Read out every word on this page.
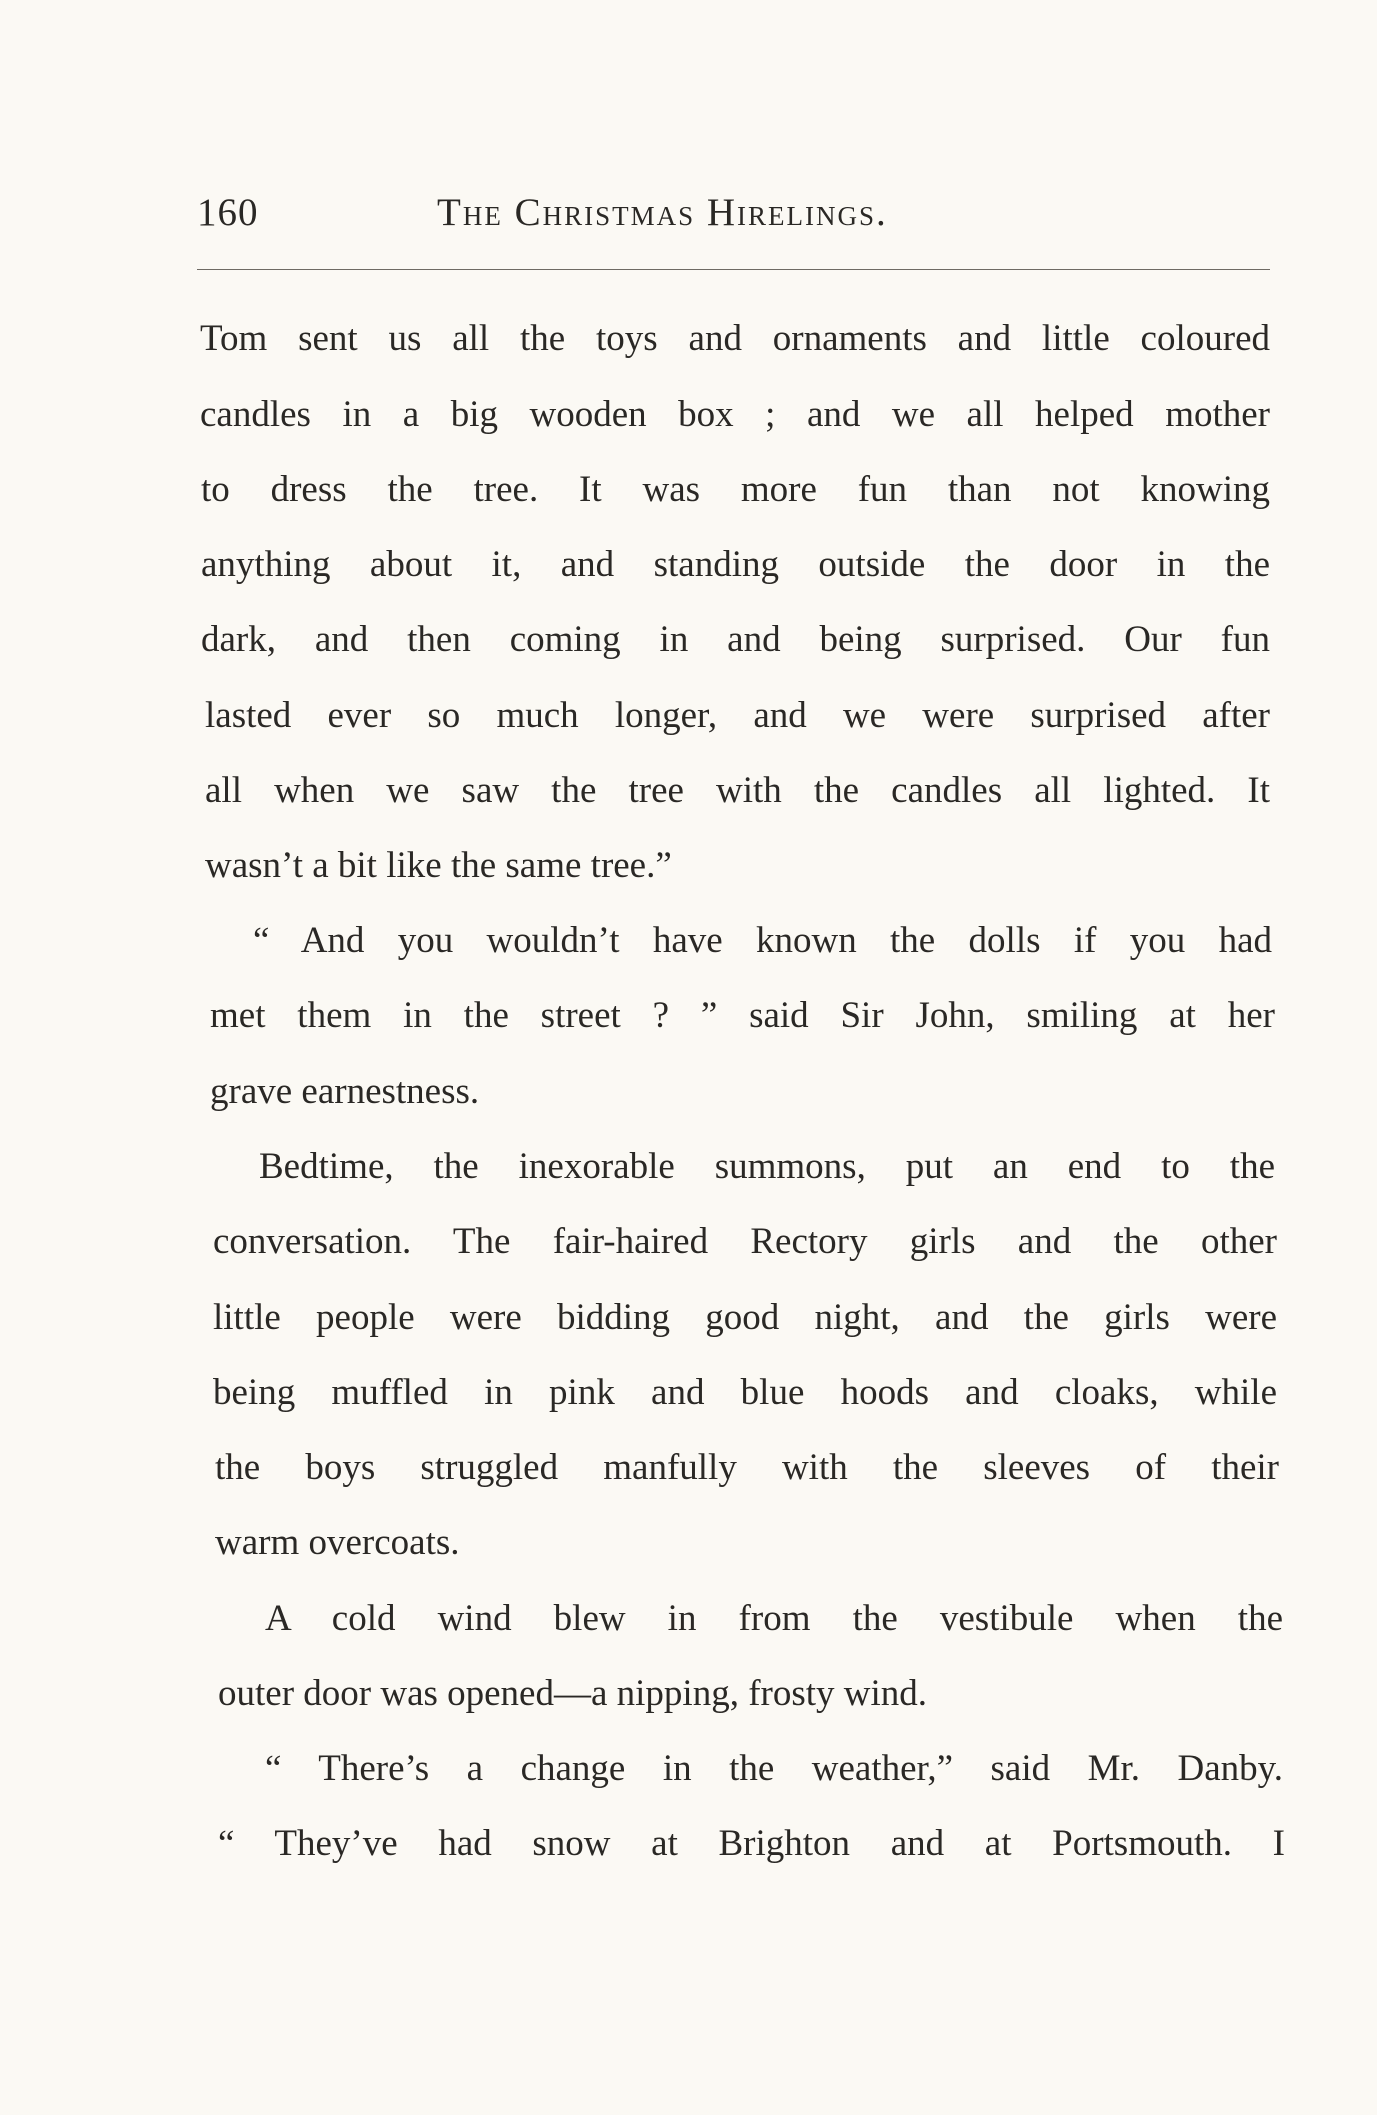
160	The Christmas Hirelings.
Tom sent us all the toys and ornaments and little coloured
candles in a big wooden box ; and we all helped mother
to dress the tree. It was more fun than not knowing
anything about it, and standing outside the door in the
dark, and then coming in and being surprised. Our fun
lasted ever so much longer, and we were surprised after
all when we saw the tree with the candles all lighted. It
wasn’t a bit like the same tree.”
“ And you wouldn’t have known the dolls if you had
met them in the street ? ” said Sir John, smiling at her
grave earnestness.
Bedtime, the inexorable summons, put an end to the
conversation. The fair-haired Rectory girls and the other
little people were bidding good night, and the girls were
being muffled in pink and blue hoods and cloaks, while
the boys struggled manfully with the sleeves of their
warm overcoats.
A cold wind blew in from the vestibule when the
outer door was opened—a nipping, frosty wind.
“ There’s a change in the weather,” said Mr. Danby.
“ They’ve had snow at Brighton and at Portsmouth. I
